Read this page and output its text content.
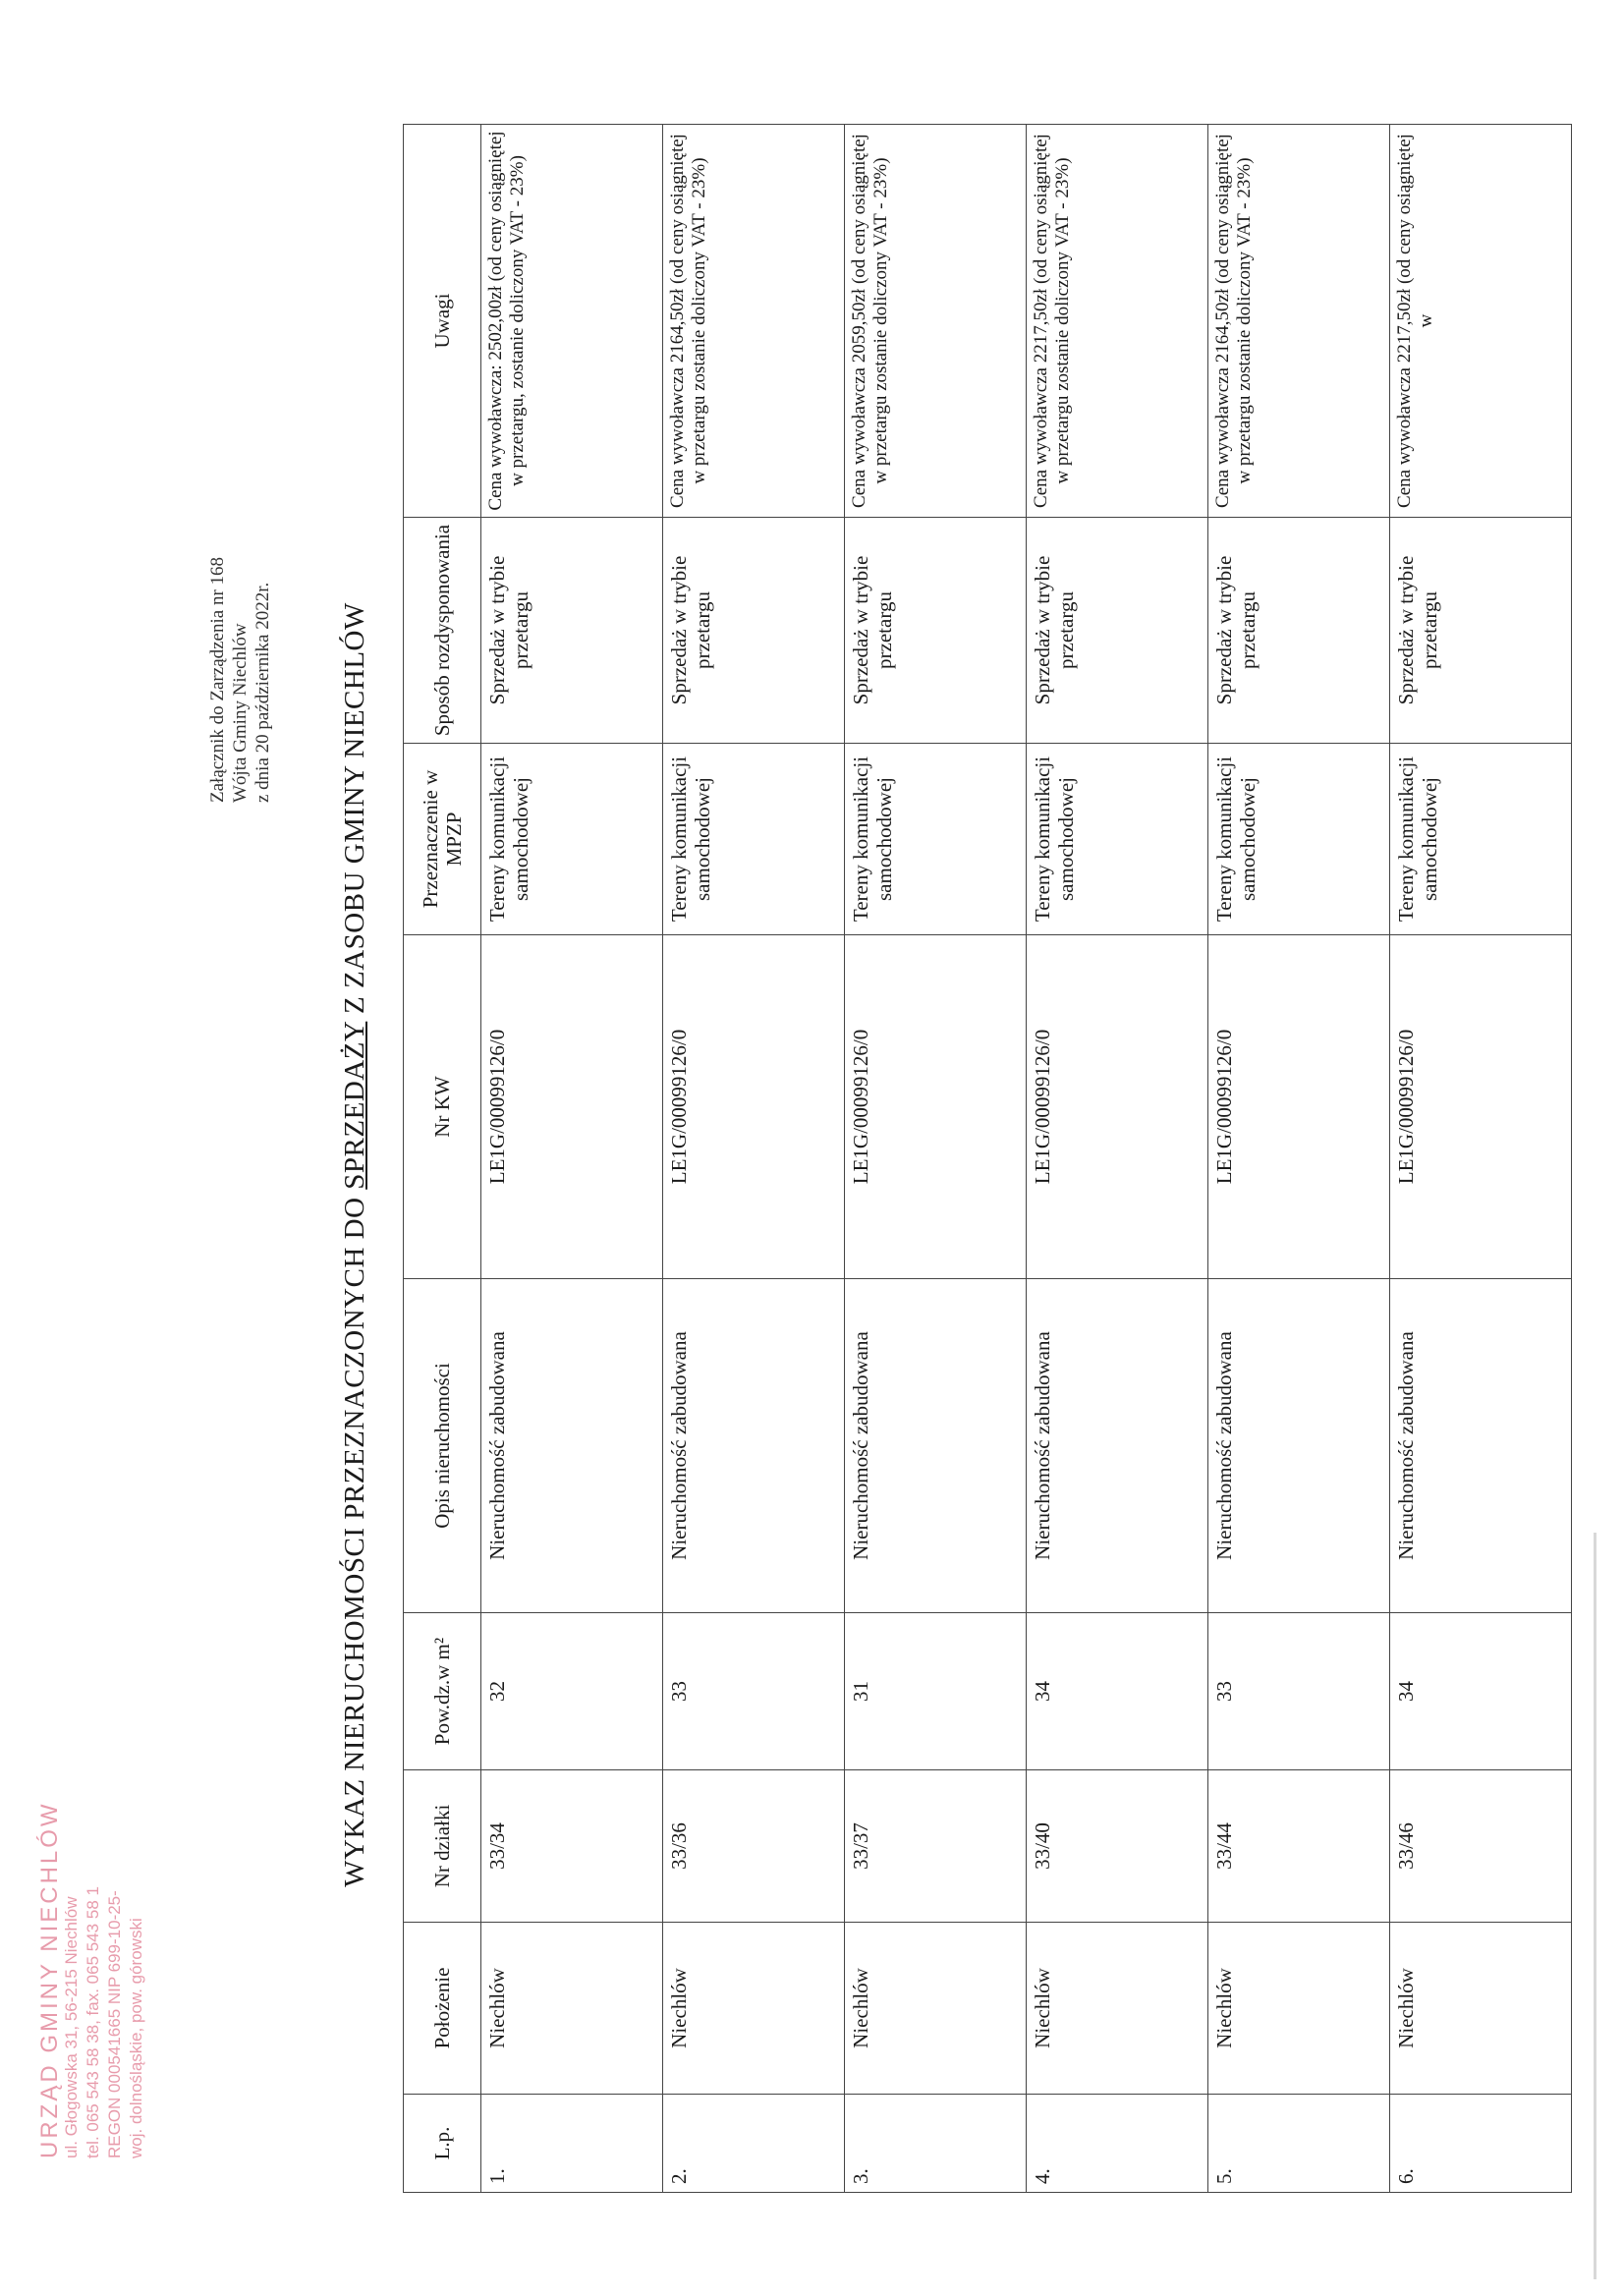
URZĄD GMINY NIECHLÓW ul. Głogowska 31, 56-215 Niechlów tel. 065 543 58 38, fax. 065 543 58 1 REGON 000541665 NIP 699-10-25- woj. dolnośląskie, pow. górowski
Załącznik do Zarządzenia nr 168 Wójta Gminy Niechlów z dnia 20 października 2022r.
WYKAZ NIERUCHOMOŚCI PRZEZNACZONYCH DO SPRZEDAŻY Z ZASOBU GMINY NIECHLÓW
L.p.	Położenie	Nr działki	Pow.dz.w m²	Opis nieruchomości	Nr KW	Przeznaczenie w MPZP	Sposób rozdysponowania	Uwagi
1.	Niechlów	33/34	32	Nieruchomość zabudowana	LE1G/00099126/0	Tereny komunikacji samochodowej	Sprzedaż w trybie przetargu	Cena wywoławcza: 2502,00zł (od ceny osiągniętej w przetargu, zostanie doliczony VAT - 23%)
2.	Niechlów	33/36	33	Nieruchomość zabudowana	LE1G/00099126/0	Tereny komunikacji samochodowej	Sprzedaż w trybie przetargu	Cena wywoławcza 2164,50zł (od ceny osiągniętej w przetargu zostanie doliczony VAT - 23%)
3.	Niechlów	33/37	31	Nieruchomość zabudowana	LE1G/00099126/0	Tereny komunikacji samochodowej	Sprzedaż w trybie przetargu	Cena wywoławcza 2059,50zł (od ceny osiągniętej w przetargu zostanie doliczony VAT - 23%)
4.	Niechlów	33/40	34	Nieruchomość zabudowana	LE1G/00099126/0	Tereny komunikacji samochodowej	Sprzedaż w trybie przetargu	Cena wywoławcza 2217,50zł (od ceny osiągniętej w przetargu zostanie doliczony VAT - 23%)
5.	Niechlów	33/44	33	Nieruchomość zabudowana	LE1G/00099126/0	Tereny komunikacji samochodowej	Sprzedaż w trybie przetargu	Cena wywoławcza 2164,50zł (od ceny osiągniętej w przetargu zostanie doliczony VAT - 23%)
6.	Niechlów	33/46	34	Nieruchomość zabudowana	LE1G/00099126/0	Tereny komunikacji samochodowej	Sprzedaż w trybie przetargu	Cena wywoławcza 2217,50zł (od ceny osiągniętej w
